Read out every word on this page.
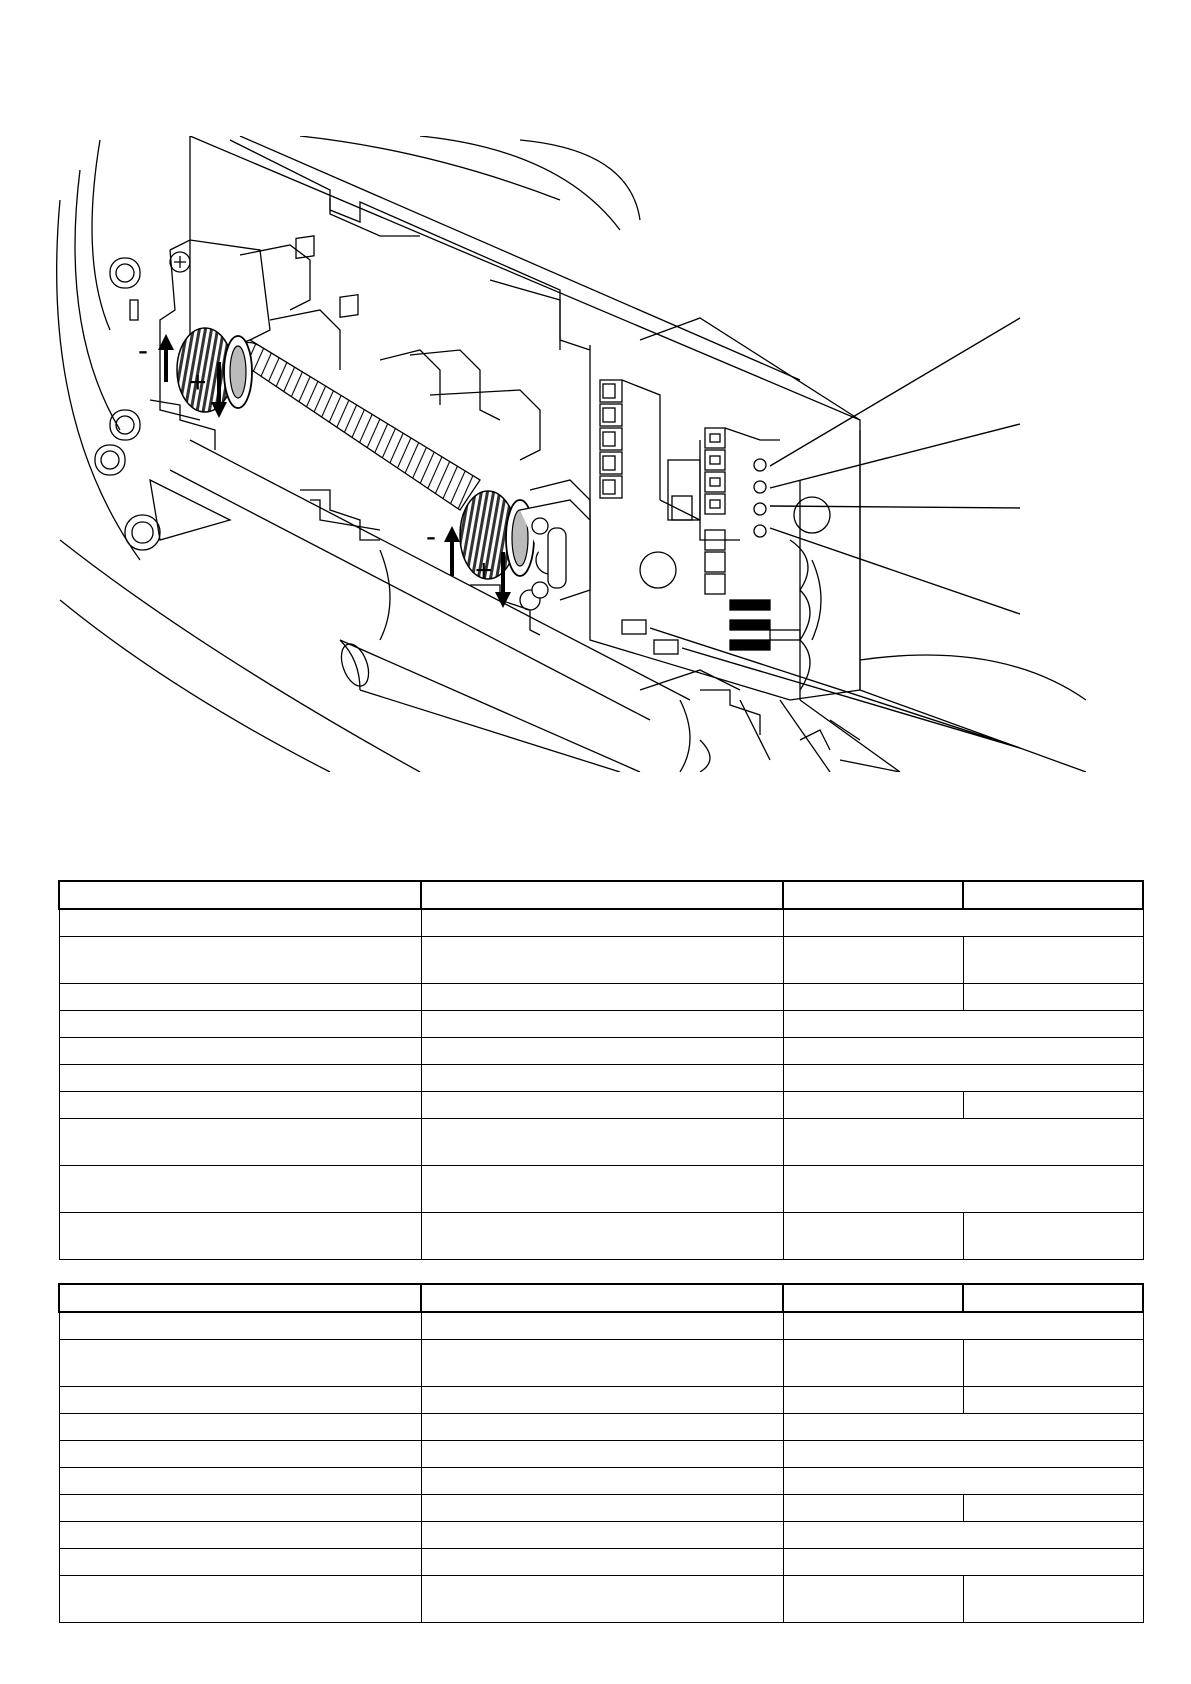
-
+
-
+
